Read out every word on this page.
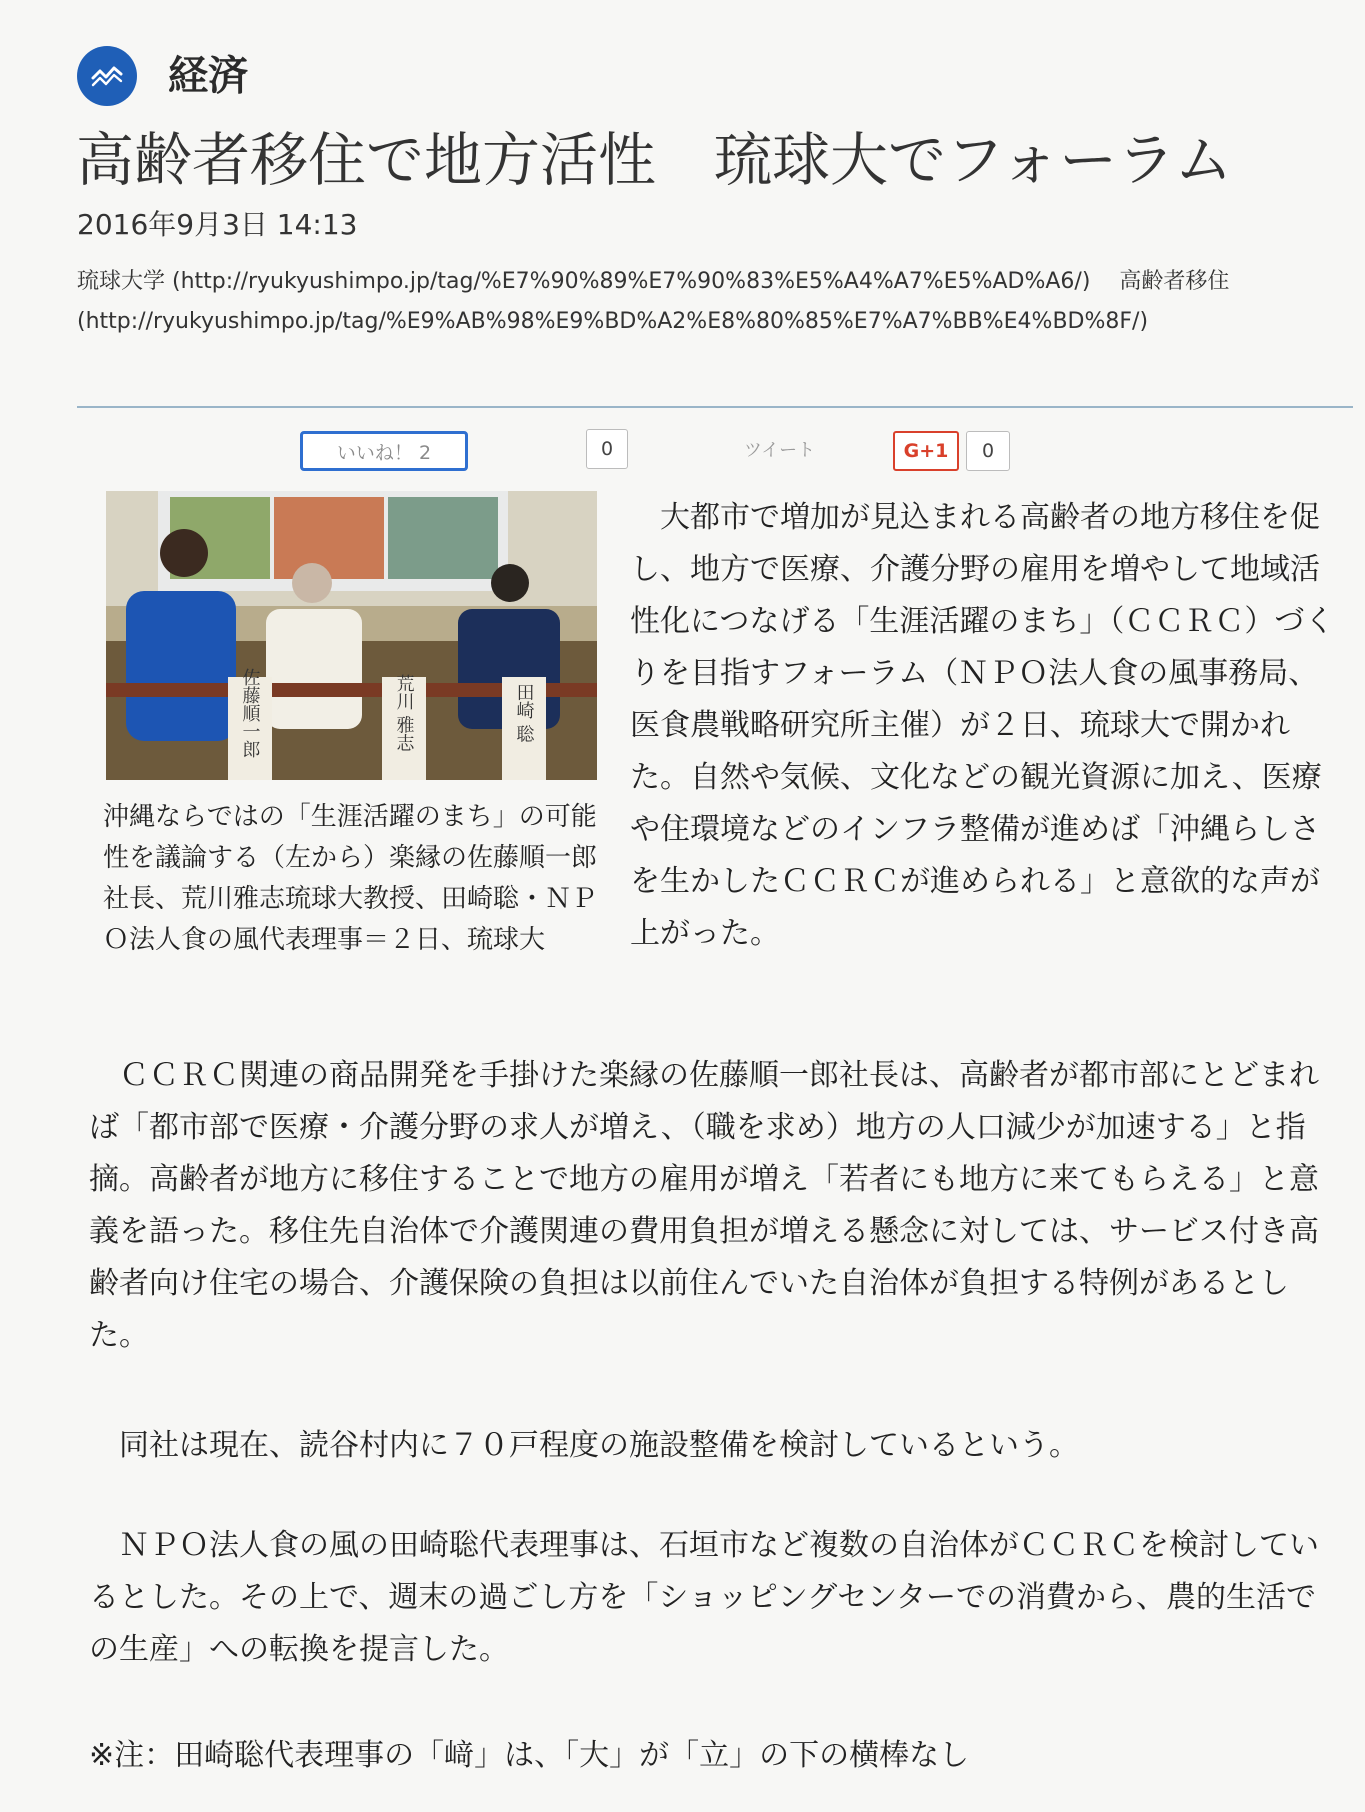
経済
高齢者移住で地方活性　琉球大でフォーラム
2016年9月3日 14:13
琉球大学 (http://ryukyushimpo.jp/tag/%E7%90%89%E7%90%83%E5%A4%A7%E5%AD%A6/)　 高齢者移住
(http://ryukyushimpo.jp/tag/%E9%AB%98%E9%BD%A2%E8%80%85%E7%A7%BB%E4%BD%8F/)
いいね！ 2	0	ツイート	G+1	0
佐藤順一郎	荒川 雅志	田崎 聡
沖縄ならではの「生涯活躍のまち」の可能性を議論する（左から）楽縁の佐藤順一郎社長、荒川雅志琉球大教授、田崎聡・ＮＰＯ法人食の風代表理事＝２日、琉球大

大都市で増加が見込まれる高齢者の地方移住を促し、地方で医療、介護分野の雇用を増やして地域活性化につなげる「生涯活躍のまち」（ＣＣＲＣ）づくりを目指すフォーラム（ＮＰＯ法人食の風事務局、医食農戦略研究所主催）が２日、琉球大で開かれた。自然や気候、文化などの観光資源に加え、医療や住環境などのインフラ整備が進めば「沖縄らしさを生かしたＣＣＲＣが進められる」と意欲的な声が上がった。

ＣＣＲＣ関連の商品開発を手掛けた楽縁の佐藤順一郎社長は、高齢者が都市部にとどまれば「都市部で医療・介護分野の求人が増え、（職を求め）地方の人口減少が加速する」と指摘。高齢者が地方に移住することで地方の雇用が増え「若者にも地方に来てもらえる」と意義を語った。移住先自治体で介護関連の費用負担が増える懸念に対しては、サービス付き高齢者向け住宅の場合、介護保険の負担は以前住んでいた自治体が負担する特例があるとした。

同社は現在、読谷村内に７０戸程度の施設整備を検討しているという。

ＮＰＯ法人食の風の田崎聡代表理事は、石垣市など複数の自治体がＣＣＲＣを検討しているとした。その上で、週末の過ごし方を「ショッピングセンターでの消費から、農的生活での生産」への転換を提言した。

※注：田崎聡代表理事の「﨑」は、「大」が「立」の下の横棒なし
